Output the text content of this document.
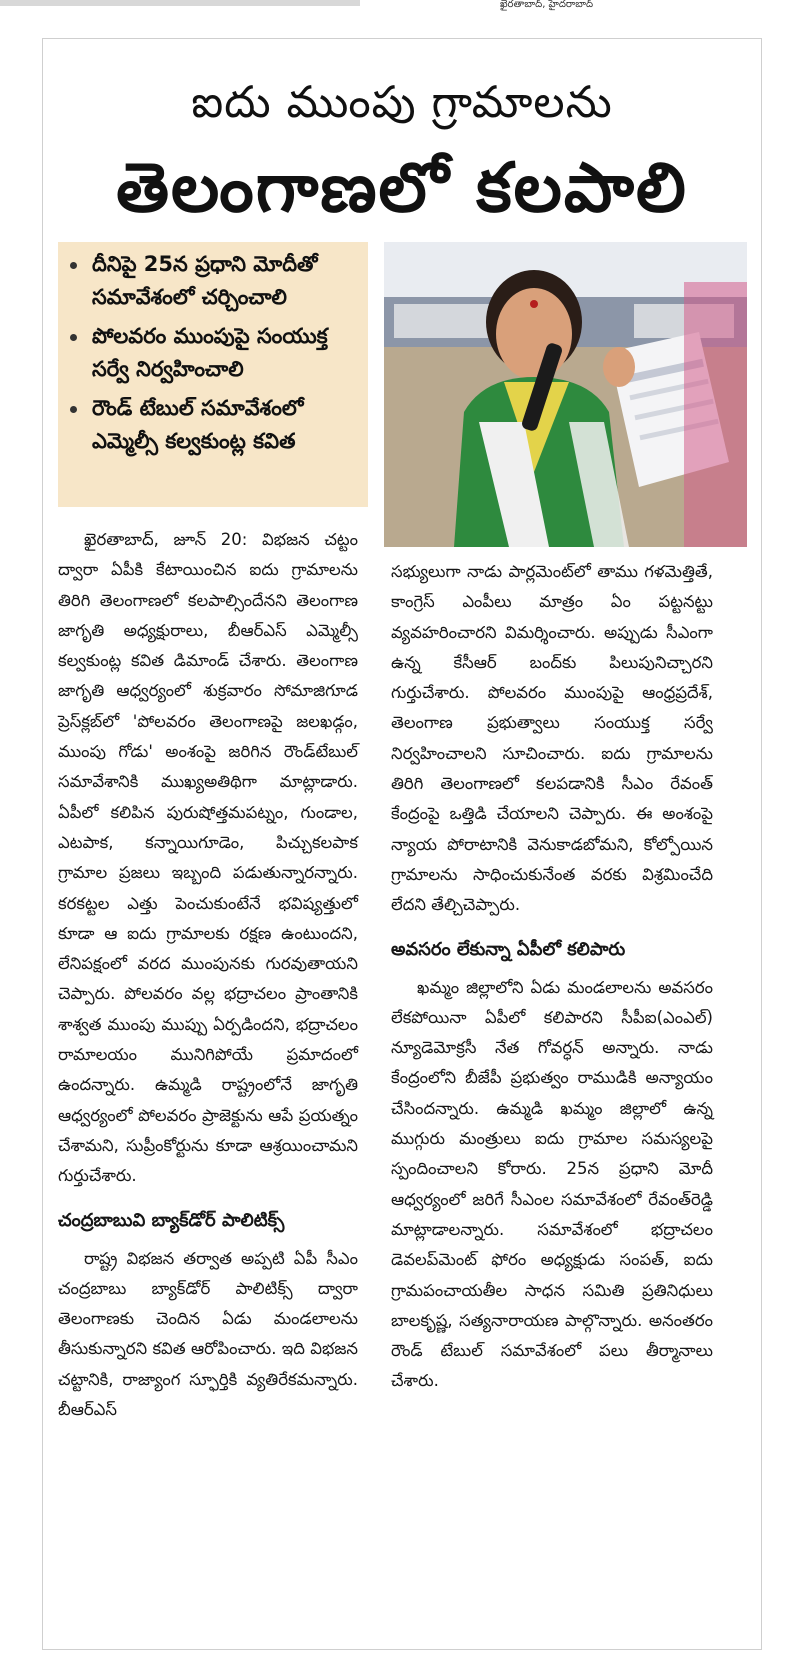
ఖైరతాబాద్, హైదరాబాద్
ఐదు ముంపు గ్రామాలను
తెలంగాణలో కలపాలి
దీనిపై 25న ప్రధాని మోదీతో సమావేశంలో చర్చించాలి
పోలవరం ముంపుపై సంయుక్త సర్వే నిర్వహించాలి
రౌండ్ టేబుల్ సమావేశంలో ఎమ్మెల్సీ కల్వకుంట్ల కవిత

ఖైరతాబాద్, జూన్ 20: విభజన చట్టం ద్వారా ఏపీకి కేటాయించిన ఐదు గ్రామాలను తిరిగి తెలంగాణలో కలపాల్సిందేనని తెలంగాణ జాగృతి అధ్యక్షురాలు, బీఆర్ఎస్ ఎమ్మెల్సీ కల్వకుంట్ల కవిత డిమాండ్ చేశారు. తెలంగాణ జాగృతి ఆధ్వర్యంలో శుక్రవారం సోమాజిగూడ ప్రెస్‌క్లబ్‌లో 'పోలవరం తెలంగాణపై జలఖడ్గం, ముంపు గోడు' అంశంపై జరిగిన రౌండ్‌టేబుల్ సమావేశానికి ముఖ్యఅతిథిగా మాట్లాడారు. ఏపీలో కలిపిన పురుషోత్తమపట్నం, గుండాల, ఎటపాక, కన్నాయిగూడెం, పిచ్చుకలపాక గ్రామాల ప్రజలు ఇబ్బంది పడుతున్నారన్నారు. కరకట్టల ఎత్తు పెంచుకుంటేనే భవిష్యత్తులో కూడా ఆ ఐదు గ్రామాలకు రక్షణ ఉంటుందని, లేనిపక్షంలో వరద ముంపునకు గురవుతాయని చెప్పారు. పోలవరం వల్ల భద్రాచలం ప్రాంతానికి శాశ్వత ముంపు ముప్పు ఏర్పడిందని, భద్రాచలం రామాలయం మునిగిపోయే ప్రమాదంలో ఉందన్నారు. ఉమ్మడి రాష్ట్రంలోనే జాగృతి ఆధ్వర్యంలో పోలవరం ప్రాజెక్టును ఆపే ప్రయత్నం చేశామని, సుప్రీంకోర్టును కూడా ఆశ్రయించామని గుర్తుచేశారు.

చంద్రబాబువి బ్యాక్‌డోర్ పాలిటిక్స్

రాష్ట్ర విభజన తర్వాత అప్పటి ఏపీ సీఎం చంద్రబాబు బ్యాక్‌డోర్ పాలిటిక్స్ ద్వారా తెలంగాణకు చెందిన ఏడు మండలాలను తీసుకున్నారని కవిత ఆరోపించారు. ఇది విభజన చట్టానికి, రాజ్యాంగ స్ఫూర్తికి వ్యతిరేకమన్నారు. బీఆర్ఎస్

సభ్యులుగా నాడు పార్లమెంట్‌లో తాము గళమెత్తితే, కాంగ్రెస్ ఎంపీలు మాత్రం ఏం పట్టనట్టు వ్యవహరించారని విమర్శించారు. అప్పుడు సీఎంగా ఉన్న కేసీఆర్ బంద్‌కు పిలుపునిచ్చారని గుర్తుచేశారు. పోలవరం ముంపుపై ఆంధ్రప్రదేశ్, తెలంగాణ ప్రభుత్వాలు సంయుక్త సర్వే నిర్వహించాలని సూచించారు. ఐదు గ్రామాలను తిరిగి తెలంగాణలో కలపడానికి సీఎం రేవంత్ కేంద్రంపై ఒత్తిడి చేయాలని చెప్పారు. ఈ అంశంపై న్యాయ పోరాటానికి వెనుకాడబోమని, కోల్పోయిన గ్రామాలను సాధించుకునేంత వరకు విశ్రమించేది లేదని తేల్చిచెప్పారు.

అవసరం లేకున్నా ఏపీలో కలిపారు

ఖమ్మం జిల్లాలోని ఏడు మండలాలను అవసరం లేకపోయినా ఏపీలో కలిపారని సీపీఐ(ఎంఎల్) న్యూడెమోక్రసీ నేత గోవర్ధన్ అన్నారు. నాడు కేంద్రంలోని బీజేపీ ప్రభుత్వం రాముడికి అన్యాయం చేసిందన్నారు. ఉమ్మడి ఖమ్మం జిల్లాలో ఉన్న ముగ్గురు మంత్రులు ఐదు గ్రామాల సమస్యలపై స్పందించాలని కోరారు. 25న ప్రధాని మోదీ ఆధ్వర్యంలో జరిగే సీఎంల సమావేశంలో రేవంత్‌రెడ్డి మాట్లాడాలన్నారు. సమావేశంలో భద్రాచలం డెవలప్‌మెంట్ ఫోరం అధ్యక్షుడు సంపత్, ఐదు గ్రామపంచాయతీల సాధన సమితి ప్రతినిధులు బాలకృష్ణ, సత్యనారాయణ పాల్గొన్నారు. అనంతరం రౌండ్ టేబుల్ సమావేశంలో పలు తీర్మానాలు చేశారు.
